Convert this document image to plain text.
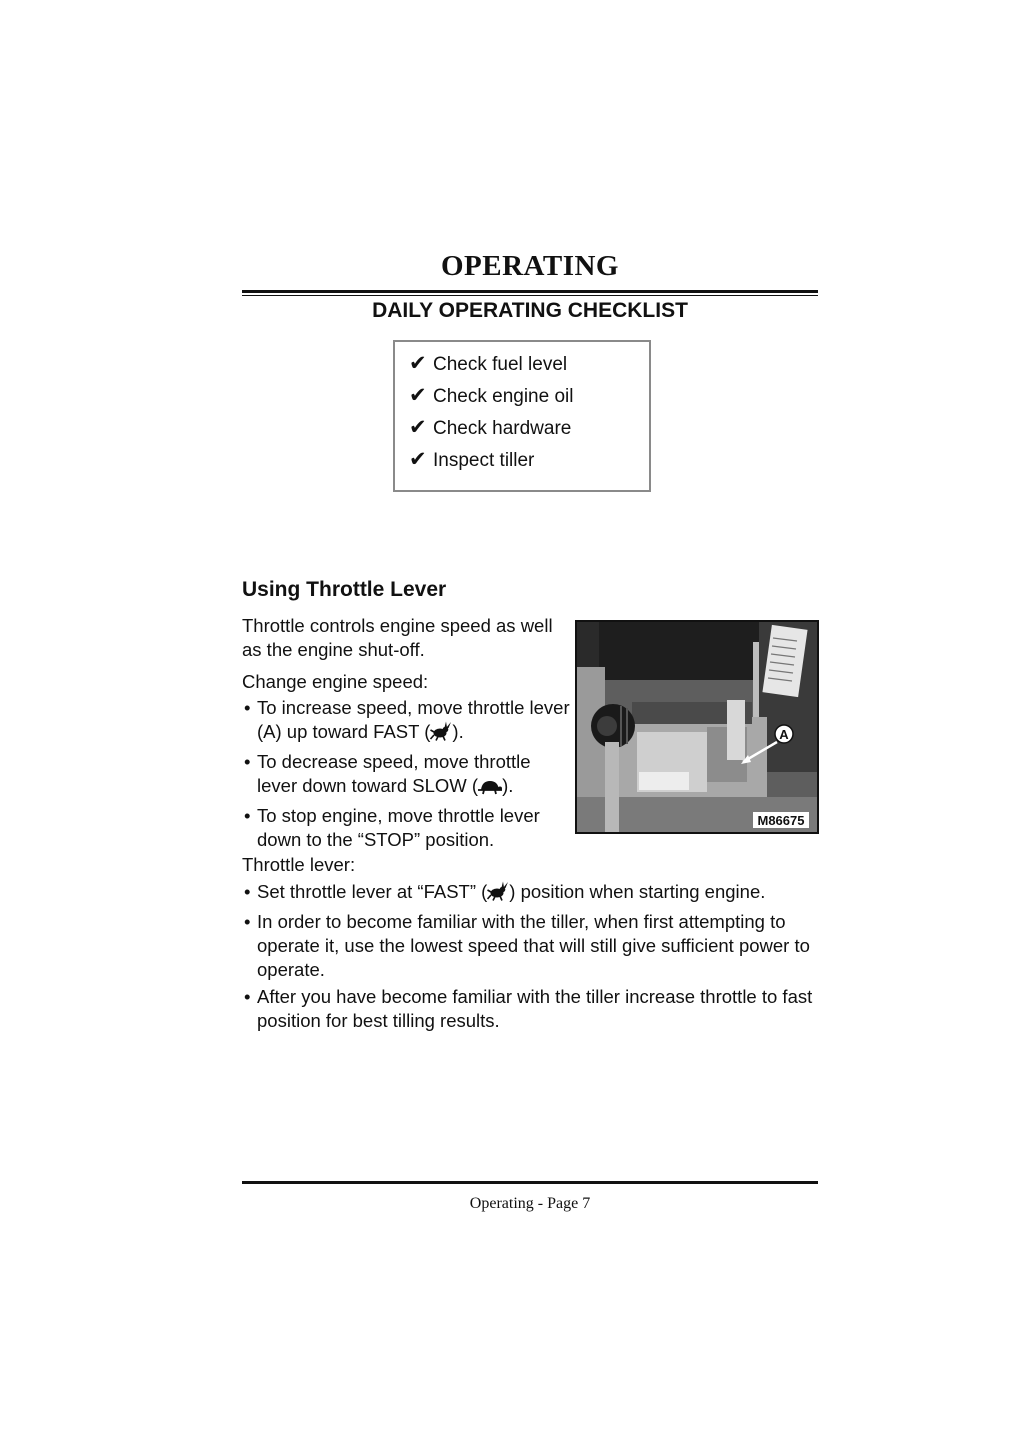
OPERATING
DAILY OPERATING CHECKLIST
✔ Check fuel level
✔ Check engine oil
✔ Check hardware
✔ Inspect tiller
Using Throttle Lever

Throttle controls engine speed as well as the engine shut-off.

Change engine speed:

• To increase speed, move throttle lever (A) up toward FAST ( ).
• To decrease speed, move throttle lever down toward SLOW ( ).
• To stop engine, move throttle lever down to the “STOP” position.
A
M86675

Throttle lever:

• Set throttle lever at “FAST” ( ) position when starting engine.
• In order to become familiar with the tiller, when first attempting to operate it, use the lowest speed that will still give sufficient power to operate.
• After you have become familiar with the tiller increase throttle to fast position for best tilling results.
Operating - Page 7
